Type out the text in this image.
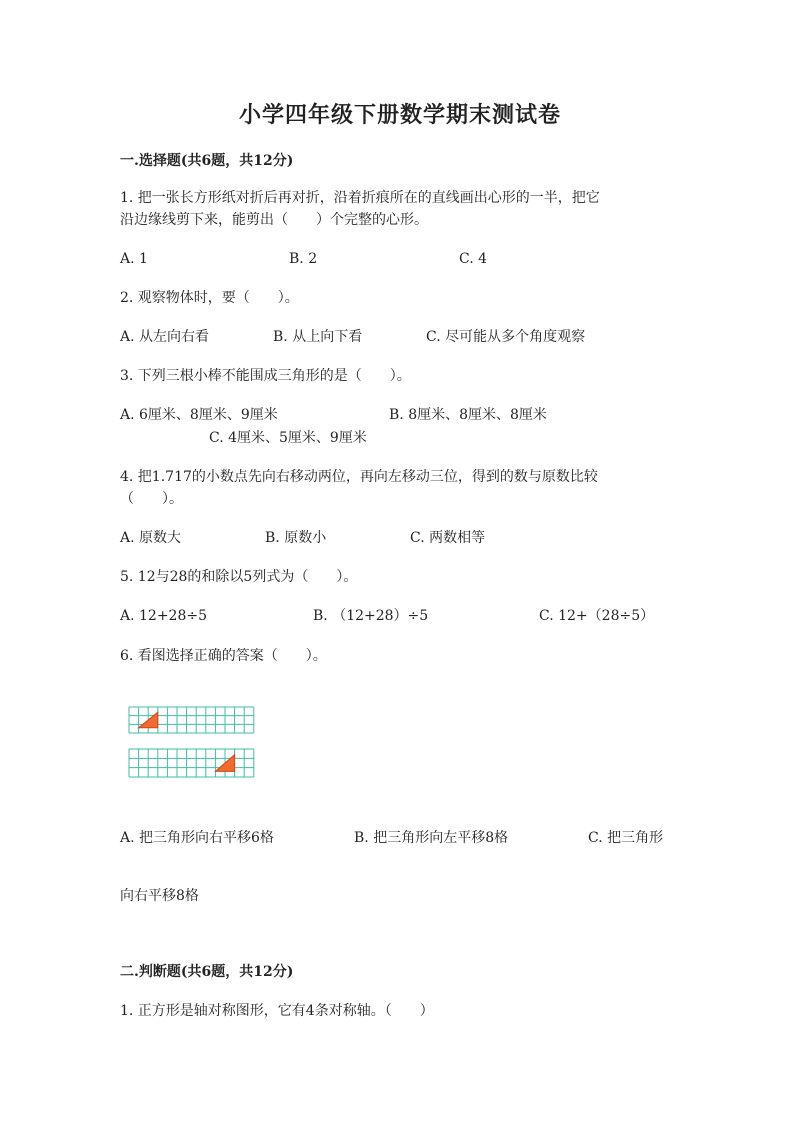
小学四年级下册数学期末测试卷
一.选择题(共6题，共12分)
1. 把一张长方形纸对折后再对折，沿着折痕所在的直线画出心形的一半，把它
沿边缘线剪下来，能剪出（　　）个完整的心形。
A. 1	B. 2	C. 4
2. 观察物体时，要（　　）。
A. 从左向右看	B. 从上向下看	C. 尽可能从多个角度观察
3. 下列三根小棒不能围成三角形的是（　　）。
A. 6厘米、8厘米、9厘米	B. 8厘米、8厘米、8厘米
C. 4厘米、5厘米、9厘米
4. 把1.717的小数点先向右移动两位，再向左移动三位，得到的数与原数比较
（　　）。
A. 原数大	B. 原数小	C. 两数相等
5. 12与28的和除以5列式为（　　）。
A. 12+28÷5	B. （12+28）÷5	C. 12+（28÷5）
6. 看图选择正确的答案（　　）。
A. 把三角形向右平移6格	B. 把三角形向左平移8格	C. 把三角形
向右平移8格
二.判断题(共6题，共12分)
1. 正方形是轴对称图形，它有4条对称轴。（　　）
